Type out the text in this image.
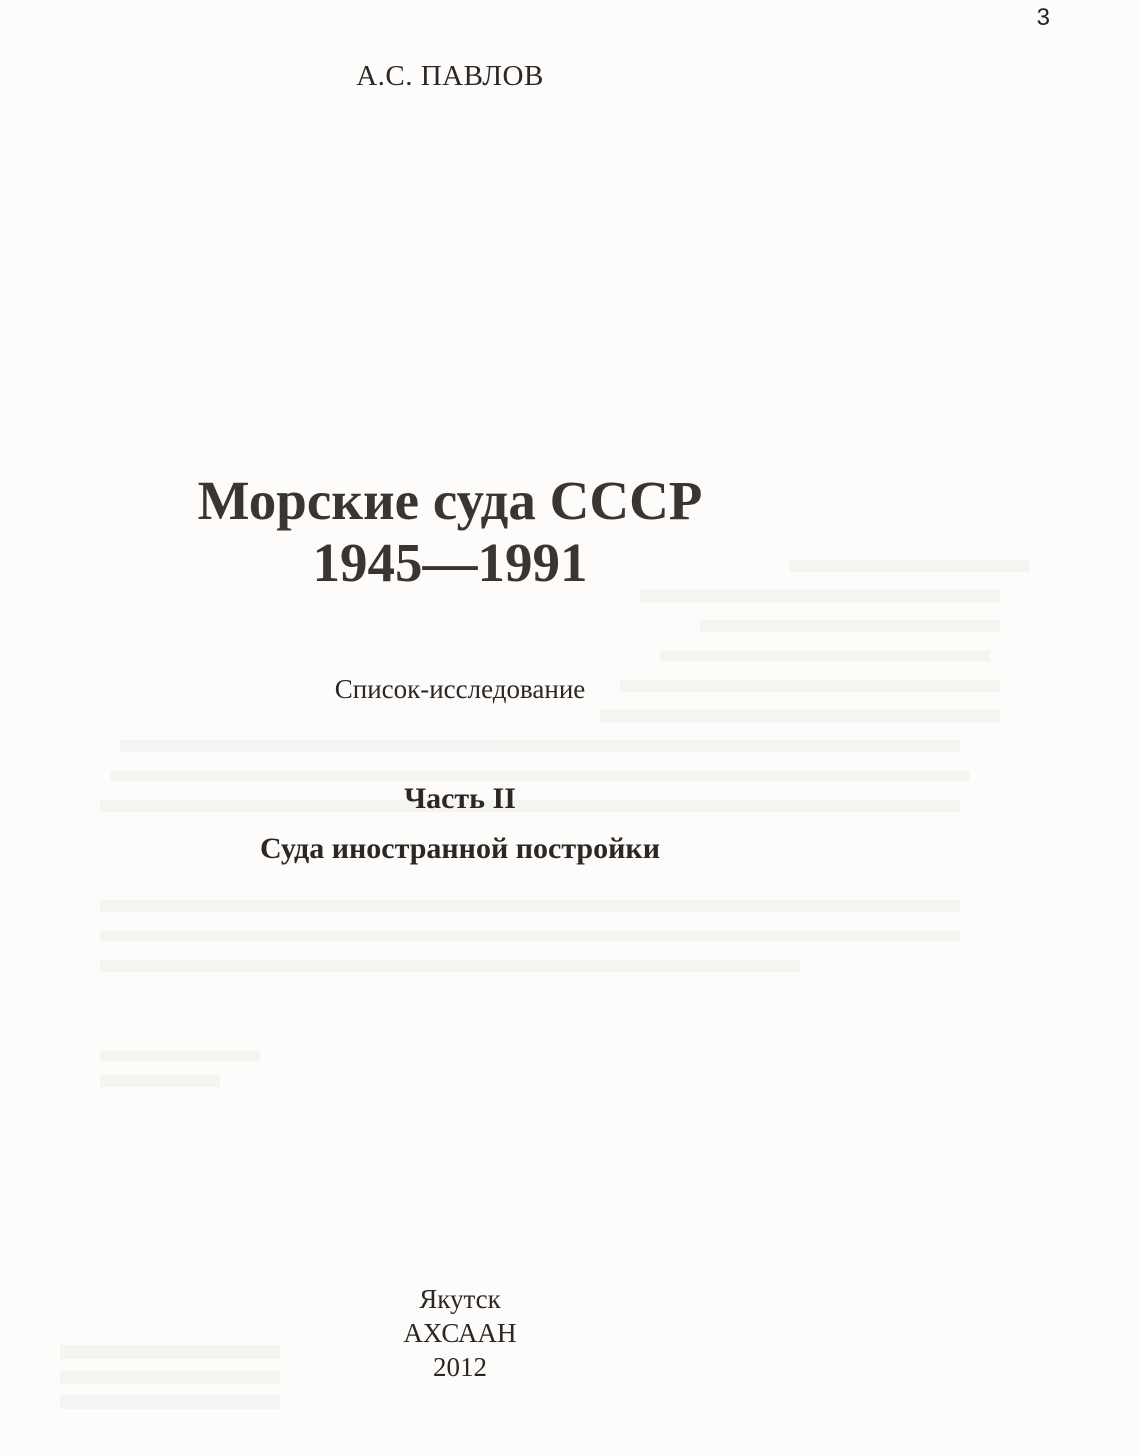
3
А.С. ПАВЛОВ
Морские суда СССР
1945—1991
Список-исследование
Часть II
Суда иностранной постройки
Якутск
АХСААН
2012
